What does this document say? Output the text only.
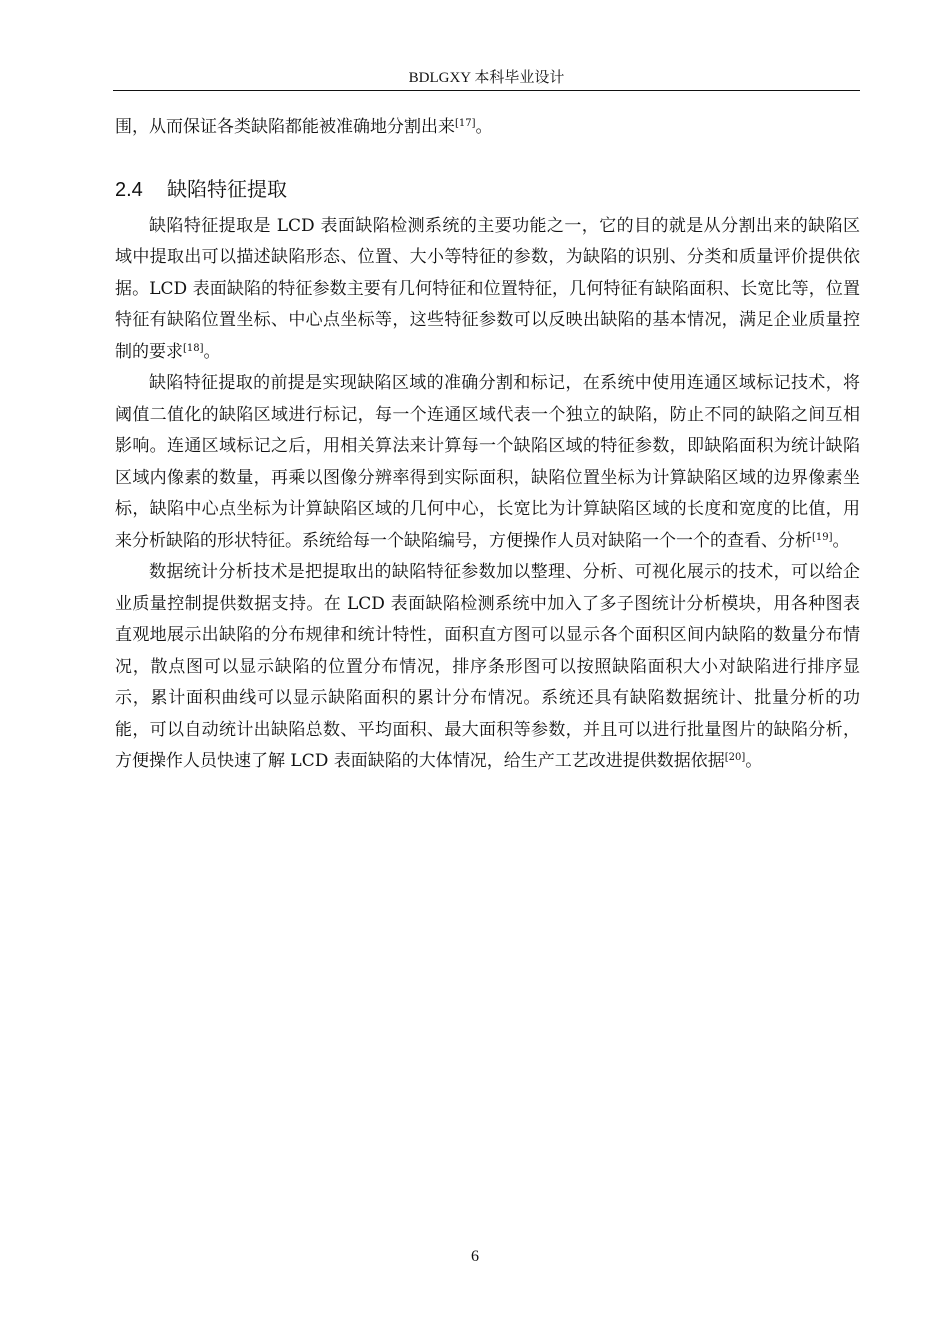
BDLGXY 本科毕业设计

围，从而保证各类缺陷都能被准确地分割出来[17]。

2.4 缺陷特征提取

缺陷特征提取是 LCD 表面缺陷检测系统的主要功能之一，它的目的就是从分割出来的缺陷区域中提取出可以描述缺陷形态、位置、大小等特征的参数，为缺陷的识别、分类和质量评价提供依据。LCD 表面缺陷的特征参数主要有几何特征和位置特征，几何特征有缺陷面积、长宽比等，位置特征有缺陷位置坐标、中心点坐标等，这些特征参数可以反映出缺陷的基本情况，满足企业质量控制的要求[18]。

缺陷特征提取的前提是实现缺陷区域的准确分割和标记，在系统中使用连通区域标记技术，将阈值二值化的缺陷区域进行标记，每一个连通区域代表一个独立的缺陷，防止不同的缺陷之间互相影响。连通区域标记之后，用相关算法来计算每一个缺陷区域的特征参数，即缺陷面积为统计缺陷区域内像素的数量，再乘以图像分辨率得到实际面积，缺陷位置坐标为计算缺陷区域的边界像素坐标，缺陷中心点坐标为计算缺陷区域的几何中心，长宽比为计算缺陷区域的长度和宽度的比值，用来分析缺陷的形状特征。系统给每一个缺陷编号，方便操作人员对缺陷一个一个的查看、分析[19]。

数据统计分析技术是把提取出的缺陷特征参数加以整理、分析、可视化展示的技术，可以给企业质量控制提供数据支持。在 LCD 表面缺陷检测系统中加入了多子图统计分析模块，用各种图表直观地展示出缺陷的分布规律和统计特性，面积直方图可以显示各个面积区间内缺陷的数量分布情况，散点图可以显示缺陷的位置分布情况，排序条形图可以按照缺陷面积大小对缺陷进行排序显示，累计面积曲线可以显示缺陷面积的累计分布情况。系统还具有缺陷数据统计、批量分析的功能，可以自动统计出缺陷总数、平均面积、最大面积等参数，并且可以进行批量图片的缺陷分析，方便操作人员快速了解 LCD 表面缺陷的大体情况，给生产工艺改进提供数据依据[20]。

6
